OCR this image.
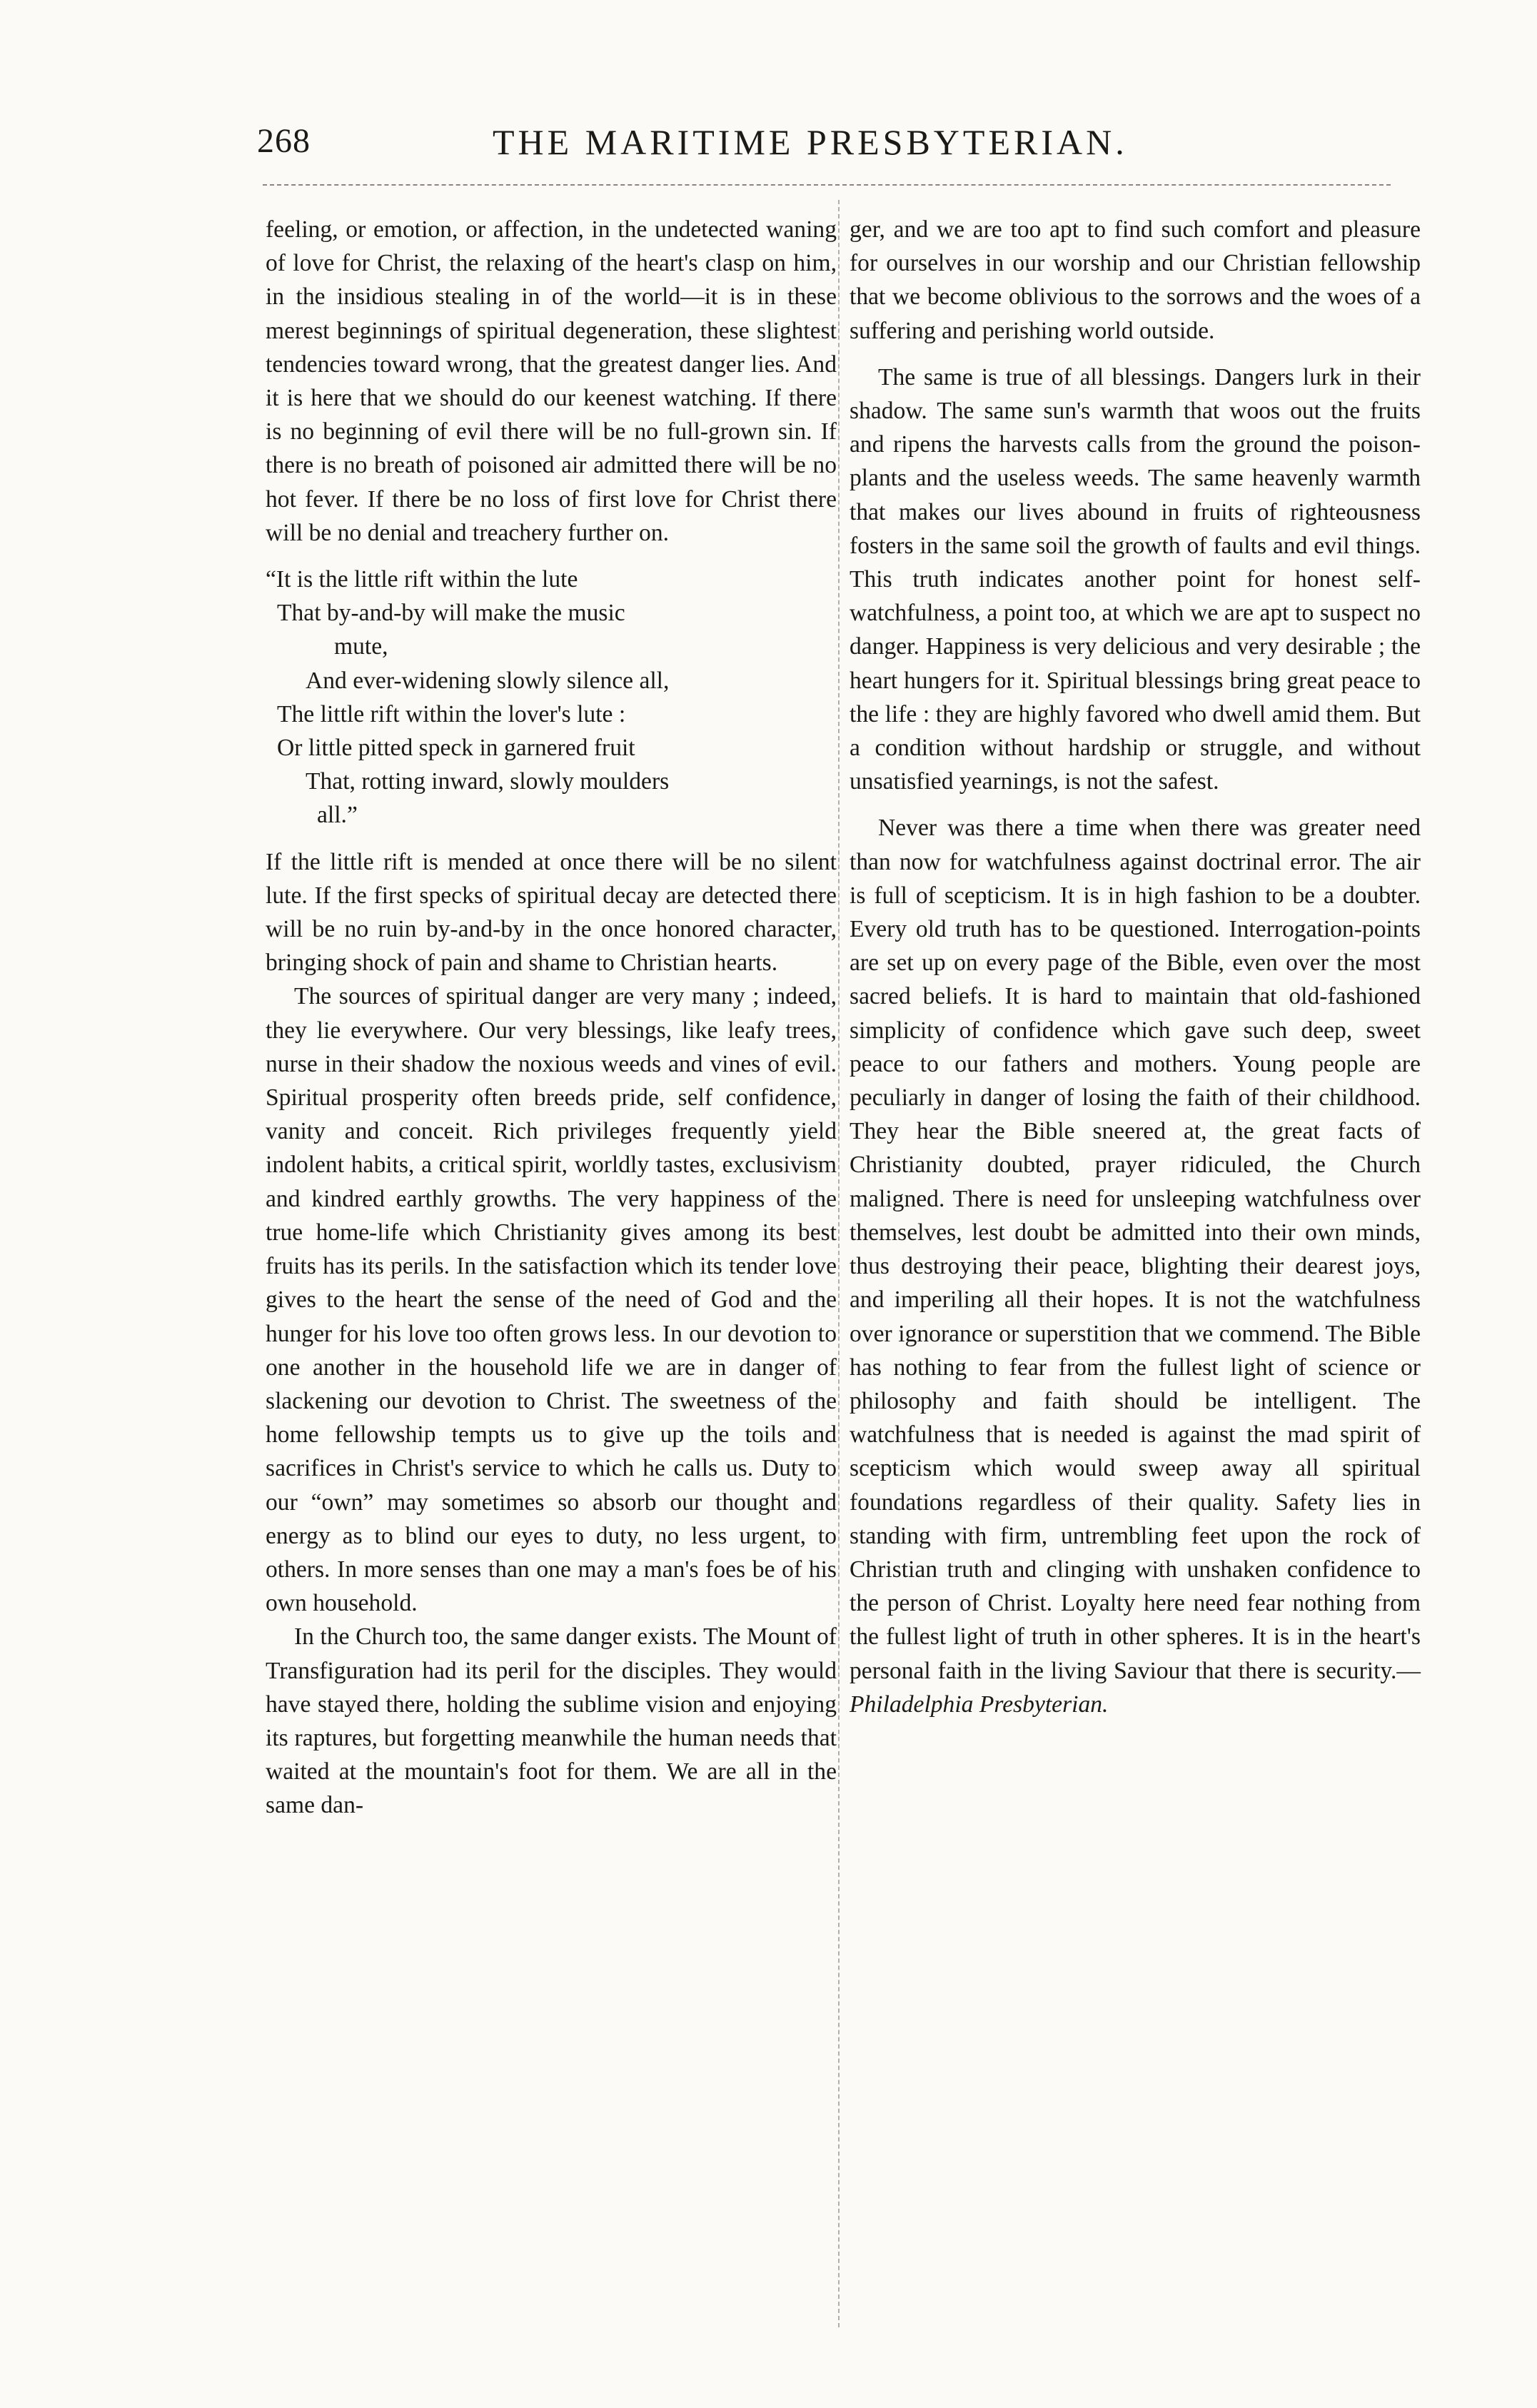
268	THE MARITIME PRESBYTERIAN.

feeling, or emotion, or affection, in the undetected waning of love for Christ, the relaxing of the heart's clasp on him, in the insidious stealing in of the world—it is in these merest beginnings of spiritual degeneration, these slightest tendencies toward wrong, that the greatest danger lies. And it is here that we should do our keenest watching. If there is no beginning of evil there will be no full-grown sin. If there is no breath of poisoned air admitted there will be no hot fever. If there be no loss of first love for Christ there will be no denial and treachery further on.

“It is the little rift within the lute
That by-and-by will make the music
mute,
And ever-widening slowly silence all,
The little rift within the lover's lute :
Or little pitted speck in garnered fruit
That, rotting inward, slowly moulders
all.”

If the little rift is mended at once there will be no silent lute. If the first specks of spiritual decay are detected there will be no ruin by-and-by in the once honored character, bringing shock of pain and shame to Christian hearts.

The sources of spiritual danger are very many ; indeed, they lie everywhere. Our very blessings, like leafy trees, nurse in their shadow the noxious weeds and vines of evil. Spiritual prosperity often breeds pride, self confidence, vanity and conceit. Rich privileges frequently yield indolent habits, a critical spirit, worldly tastes, exclusivism and kindred earthly growths. The very happiness of the true home-life which Christianity gives among its best fruits has its perils. In the satisfaction which its tender love gives to the heart the sense of the need of God and the hunger for his love too often grows less. In our devotion to one another in the household life we are in danger of slackening our devotion to Christ. The sweetness of the home fellowship tempts us to give up the toils and sacrifices in Christ's service to which he calls us. Duty to our “own” may sometimes so absorb our thought and energy as to blind our eyes to duty, no less urgent, to others. In more senses than one may a man's foes be of his own household.

In the Church too, the same danger exists. The Mount of Transfiguration had its peril for the disciples. They would have stayed there, holding the sublime vision and enjoying its raptures, but forgetting meanwhile the human needs that waited at the mountain's foot for them. We are all in the same dan-

ger, and we are too apt to find such comfort and pleasure for ourselves in our worship and our Christian fellowship that we become oblivious to the sorrows and the woes of a suffering and perishing world outside.

The same is true of all blessings. Dangers lurk in their shadow. The same sun's warmth that woos out the fruits and ripens the harvests calls from the ground the poison-plants and the useless weeds. The same heavenly warmth that makes our lives abound in fruits of righteousness fosters in the same soil the growth of faults and evil things. This truth indicates another point for honest self-watchfulness, a point too, at which we are apt to suspect no danger. Happiness is very delicious and very desirable ; the heart hungers for it. Spiritual blessings bring great peace to the life : they are highly favored who dwell amid them. But a condition without hardship or struggle, and without unsatisfied yearnings, is not the safest.

Never was there a time when there was greater need than now for watchfulness against doctrinal error. The air is full of scepticism. It is in high fashion to be a doubter. Every old truth has to be questioned. Interrogation-points are set up on every page of the Bible, even over the most sacred beliefs. It is hard to maintain that old-fashioned simplicity of confidence which gave such deep, sweet peace to our fathers and mothers. Young people are peculiarly in danger of losing the faith of their childhood. They hear the Bible sneered at, the great facts of Christianity doubted, prayer ridiculed, the Church maligned. There is need for unsleeping watchfulness over themselves, lest doubt be admitted into their own minds, thus destroying their peace, blighting their dearest joys, and imperiling all their hopes. It is not the watchfulness over ignorance or superstition that we commend. The Bible has nothing to fear from the fullest light of science or philosophy and faith should be intelligent. The watchfulness that is needed is against the mad spirit of scepticism which would sweep away all spiritual foundations regardless of their quality. Safety lies in standing with firm, untrembling feet upon the rock of Christian truth and clinging with unshaken confidence to the person of Christ. Loyalty here need fear nothing from the fullest light of truth in other spheres. It is in the heart's personal faith in the living Saviour that there is security.— Philadelphia Presbyterian.
